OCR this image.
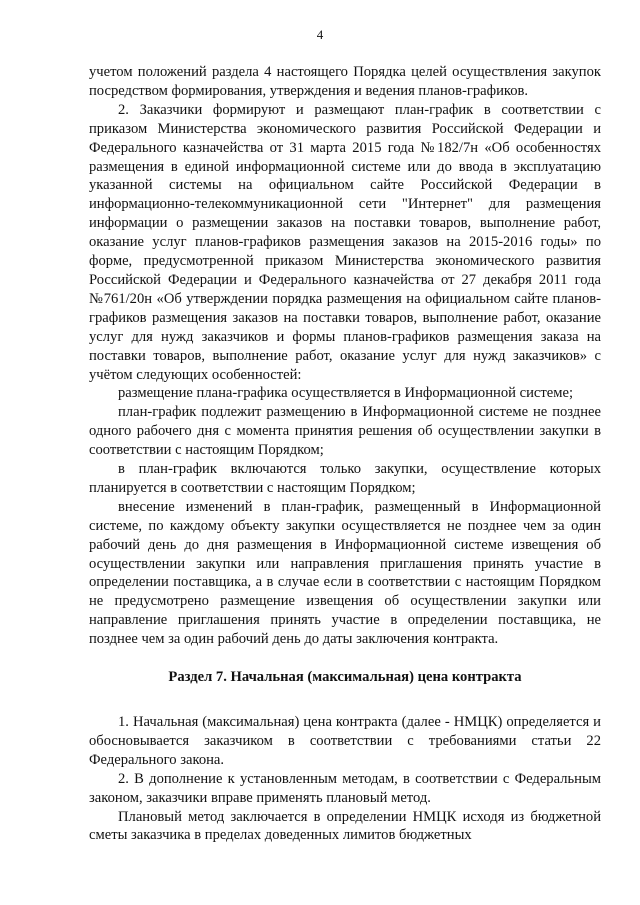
4

учетом положений раздела 4 настоящего Порядка целей осуществления закупок посредством формирования, утверждения и ведения планов-графиков.

2. Заказчики формируют и размещают план-график в соответствии с приказом Министерства экономического развития Российской Федерации и Федерального казначейства от 31 марта 2015 года №182/7н «Об особенностях размещения в единой информационной системе или до ввода в эксплуатацию указанной системы на официальном сайте Российской Федерации в информационно-телекоммуникационной сети "Интернет" для размещения информации о размещении заказов на поставки товаров, выполнение работ, оказание услуг планов-графиков размещения заказов на 2015-2016 годы» по форме, предусмотренной приказом Министерства экономического развития Российской Федерации и Федерального казначейства от 27 декабря 2011 года №761/20н «Об утверждении порядка размещения на официальном сайте планов-графиков размещения заказов на поставки товаров, выполнение работ, оказание услуг для нужд заказчиков и формы планов-графиков размещения заказа на поставки товаров, выполнение работ, оказание услуг для нужд заказчиков» с учётом следующих особенностей:

размещение плана-графика осуществляется в Информационной системе;

план-график подлежит размещению в Информационной системе не позднее одного рабочего дня с момента принятия решения об осуществлении закупки в соответствии с настоящим Порядком;

в план-график включаются только закупки, осуществление которых планируется в соответствии с настоящим Порядком;

внесение изменений в план-график, размещенный в Информационной системе, по каждому объекту закупки осуществляется не позднее чем за один рабочий день до дня размещения в Информационной системе извещения об осуществлении закупки или направления приглашения принять участие в определении поставщика, а в случае если в соответствии с настоящим Порядком не предусмотрено размещение извещения об осуществлении закупки или направление приглашения принять участие в определении поставщика, не позднее чем за один рабочий день до даты заключения контракта.

Раздел 7. Начальная (максимальная) цена контракта

1. Начальная (максимальная) цена контракта (далее - НМЦК) определяется и обосновывается заказчиком в соответствии с требованиями статьи 22 Федерального закона.

2. В дополнение к установленным методам, в соответствии с Федеральным законом, заказчики вправе применять плановый метод.

Плановый метод заключается в определении НМЦК исходя из бюджетной сметы заказчика в пределах доведенных лимитов бюджетных
